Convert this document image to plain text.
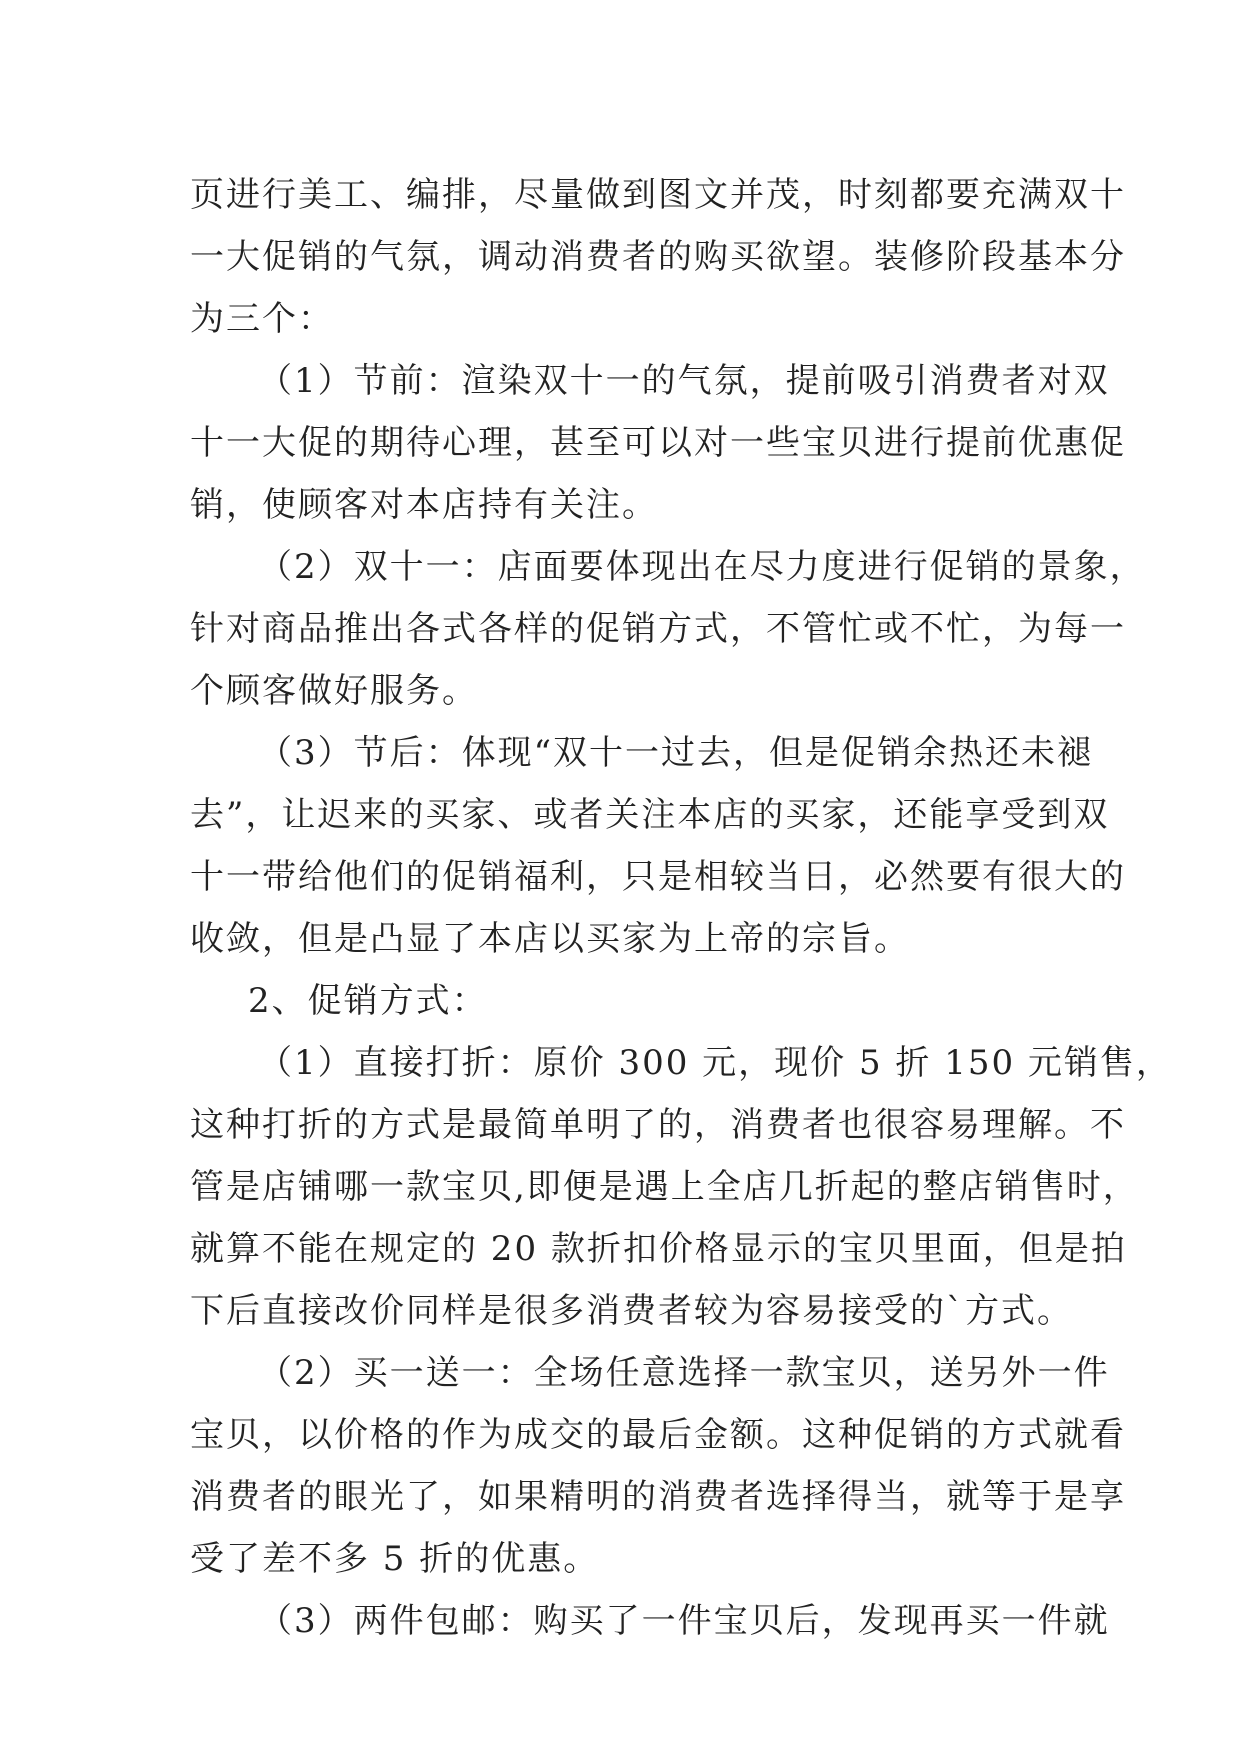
页进行美工、编排，尽量做到图文并茂，时刻都要充满双十
一大促销的气氛，调动消费者的购买欲望。装修阶段基本分
为三个：
（1）节前：渲染双十一的气氛，提前吸引消费者对双
十一大促的期待心理，甚至可以对一些宝贝进行提前优惠促
销，使顾客对本店持有关注。
（2）双十一：店面要体现出在尽力度进行促销的景象，
针对商品推出各式各样的促销方式，不管忙或不忙，为每一
个顾客做好服务。
（3）节后：体现“双十一过去，但是促销余热还未褪
去”，让迟来的买家、或者关注本店的买家，还能享受到双
十一带给他们的促销福利，只是相较当日，必然要有很大的
收敛，但是凸显了本店以买家为上帝的宗旨。
2、促销方式：
（1）直接打折：原价 300 元，现价 5 折 150 元销售，
这种打折的方式是最简单明了的，消费者也很容易理解。不
管是店铺哪一款宝贝,即便是遇上全店几折起的整店销售时，
就算不能在规定的 20 款折扣价格显示的宝贝里面，但是拍
下后直接改价同样是很多消费者较为容易接受的`方式。
（2）买一送一：全场任意选择一款宝贝，送另外一件
宝贝，以价格的作为成交的最后金额。这种促销的方式就看
消费者的眼光了，如果精明的消费者选择得当，就等于是享
受了差不多 5 折的优惠。
（3）两件包邮：购买了一件宝贝后，发现再买一件就
